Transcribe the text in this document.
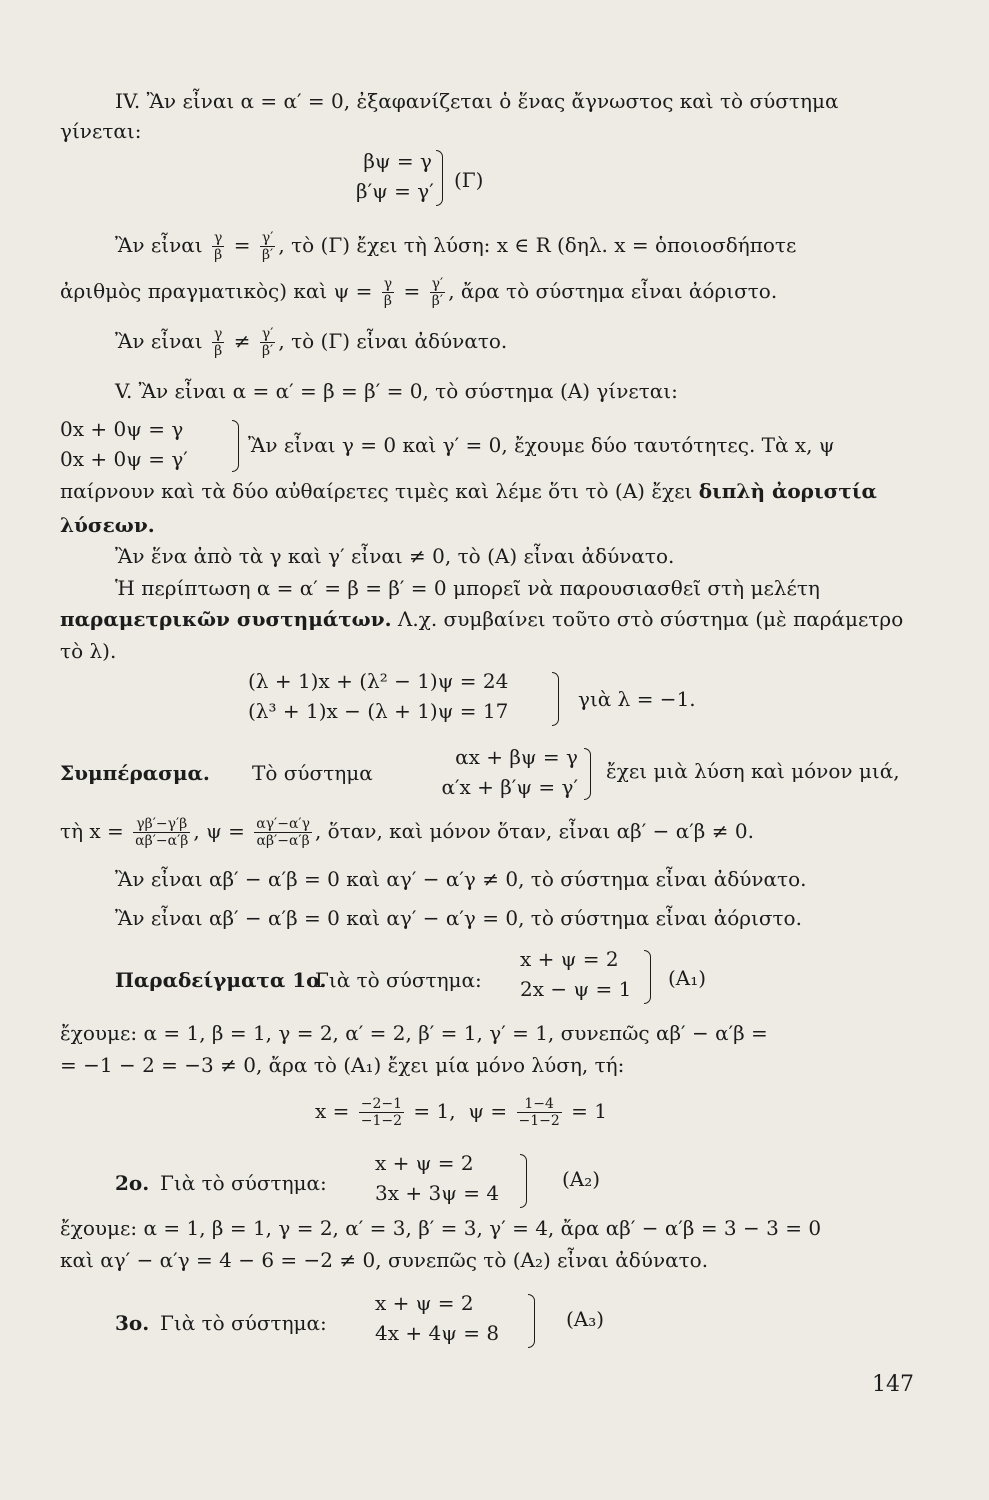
IV. Ἂν εἶναι α = α′ = 0, ἐξαφανίζεται ὁ ἕνας ἄγνωστος καὶ τὸ σύστημα
γίνεται:
βψ = γ
β′ψ = γ′ (Γ)
Ἂν εἶναι $\frac{\gamma}{\beta} = \frac{\gamma'}{\beta'}$ , τὸ (Γ) ἔχει τὴ λύση: x ∈ R (δηλ. x = ὁποιοσδήποτε
ἀριθμὸς πραγματικὸς) καὶ $\psi = \frac{\gamma}{\beta} = \frac{\gamma'}{\beta'}$ , ἄρα τὸ σύστημα εἶναι ἀόριστο.
Ἂν εἶναι $\frac{\gamma}{\beta} \ne \frac{\gamma'}{\beta'}$ , τὸ (Γ) εἶναι ἀδύνατο.
V. Ἂν εἶναι α = α′ = β = β′ = 0, τὸ σύστημα (Α) γίνεται:
0x + 0ψ = γ
0x + 0ψ = γ′
Ἂν εἶναι γ = 0 καὶ γ′ = 0, ἔχουμε δύο ταυτότητες. Τὰ x, ψ
παίρνουν καὶ τὰ δύο αὐθαίρετες τιμὲς καὶ λέμε ὅτι τὸ (Α) ἔχει διπλὴ ἀοριστία
λύσεων.
Ἂν ἕνα ἀπὸ τὰ γ καὶ γ′ εἶναι ≠ 0, τὸ (Α) εἶναι ἀδύνατο.
Ἡ περίπτωση α = α′ = β = β′ = 0 μπορεῖ νὰ παρουσιασθεῖ στὴ μελέτη
παραμετρικῶν συστημάτων. Λ.χ. συμβαίνει τοῦτο στὸ σύστημα (μὲ παράμετρο
τὸ λ).
(λ + 1)x + (λ² − 1)ψ = 24
(λ³ + 1)x − (λ + 1)ψ = 17	γιὰ λ = −1.
Συμπέρασμα. Τὸ σύστημα
αx + βψ = γ
α′x + β′ψ = γ′
ἔχει μιὰ λύση καὶ μόνον μιά,
τὴ $x = \frac{\gamma\beta'-\gamma'\beta}{\alpha\beta'-\alpha'\beta}$ , $\psi = \frac{\alpha\gamma'-\alpha'\gamma}{\alpha\beta'-\alpha'\beta}$ , ὅταν, καὶ μόνον ὅταν, εἶναι αβ′ − α′β ≠ 0.
Ἂν εἶναι αβ′ − α′β = 0 καὶ αγ′ − α′γ ≠ 0, τὸ σύστημα εἶναι ἀδύνατο.
Ἂν εἶναι αβ′ − α′β = 0 καὶ αγ′ − α′γ = 0, τὸ σύστημα εἶναι ἀόριστο.
Παραδείγματα 1ο.
Γιὰ τὸ σύστημα:
x + ψ = 2
2x − ψ = 1 (Α₁)
ἔχουμε: α = 1, β = 1, γ = 2, α′ = 2, β′ = 1, γ′ = 1, συνεπῶς αβ′ − α′β =
= −1 − 2 = −3 ≠ 0, ἄρα τὸ (Α₁) ἔχει μία μόνο λύση, τή:
$x = \frac{-2-1}{-1-2} = 1$, $\psi = \frac{1-4}{-1-2} = 1$
2ο. Γιὰ τὸ σύστημα:
x + ψ = 2
3x + 3ψ = 4
(Α₂)
ἔχουμε: α = 1, β = 1, γ = 2, α′ = 3, β′ = 3, γ′ = 4, ἄρα αβ′ − α′β = 3 − 3 = 0
καὶ αγ′ − α′γ = 4 − 6 = −2 ≠ 0, συνεπῶς τὸ (Α₂) εἶναι ἀδύνατο.
3ο. Γιὰ τὸ σύστημα:
x + ψ = 2
4x + 4ψ = 8
(Α₃)
147
